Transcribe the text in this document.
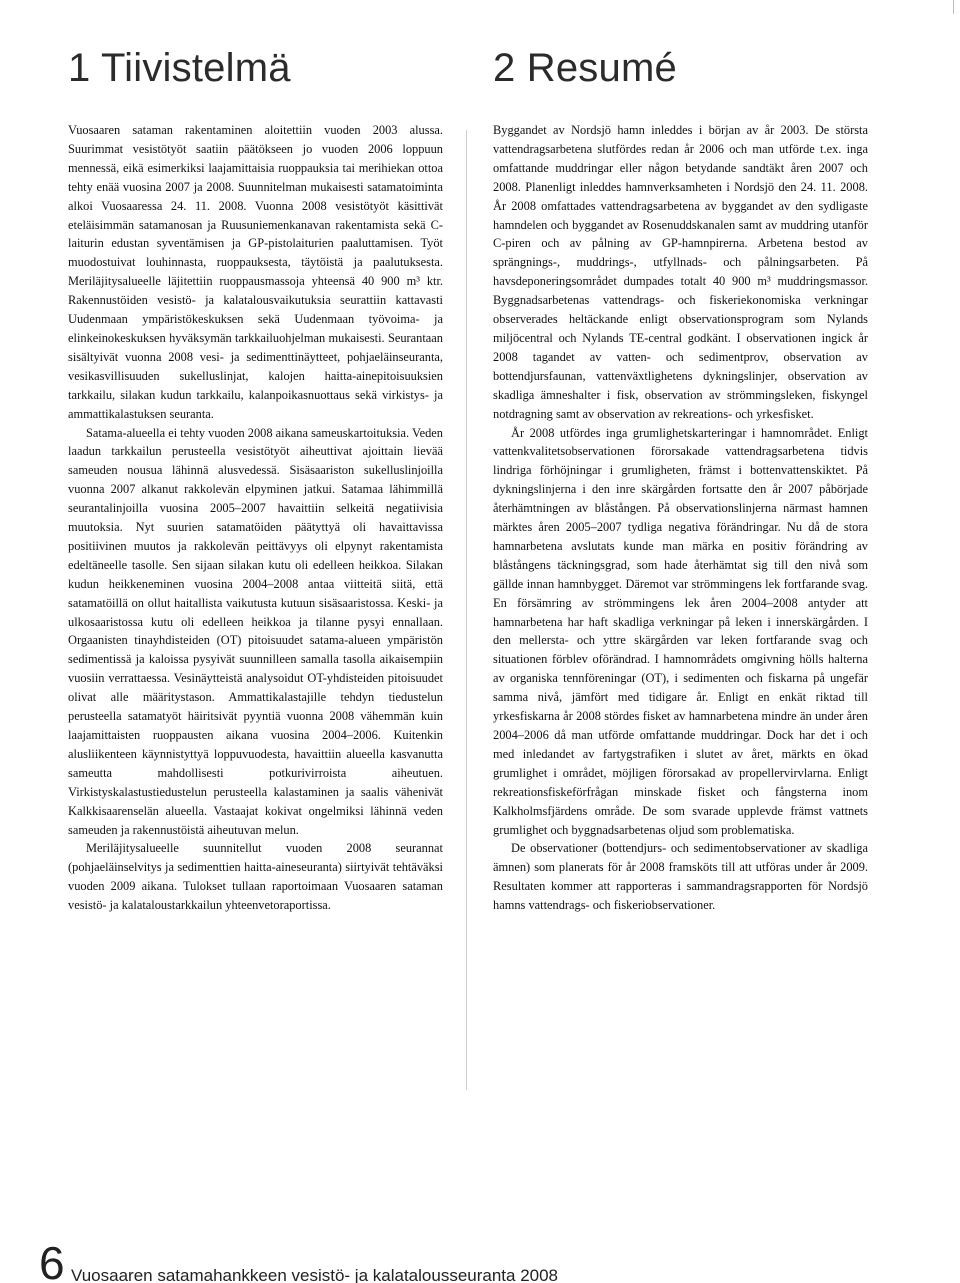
1 Tiivistelmä	2 Resumé

Vuosaaren sataman rakentaminen aloitettiin vuoden 2003 alussa. Suurimmat vesistötyöt saatiin päätökseen jo vuoden 2006 loppuun mennessä, eikä esimerkiksi laajamittaisia ruoppauksia tai merihiekan ottoa tehty enää vuosina 2007 ja 2008. Suunnitelman mukaisesti satamatoiminta alkoi Vuosaaressa 24. 11. 2008. Vuonna 2008 vesistötyöt käsittivät eteläisimmän satamanosan ja Ruusuniemenkanavan rakentamista sekä C-laiturin edustan syventämisen ja GP-pistolaiturien paaluttamisen. Työt muodostuivat louhinnasta, ruoppauksesta, täytöistä ja paalutuksesta. Meriläjitysalueelle läjitettiin ruoppausmassoja yhteensä 40 900 m³ ktr. Rakennustöiden vesistö- ja kalatalousvaikutuksia seurattiin kattavasti Uudenmaan ympäristökeskuksen sekä Uudenmaan työvoima- ja elinkeinokeskuksen hyväksymän tarkkailuohjelman mukaisesti. Seurantaan sisältyivät vuonna 2008 vesi- ja sedimenttinäytteet, pohjaeläinseuranta, vesikasvillisuuden sukelluslinjat, kalojen haitta-ainepitoisuuksien tarkkailu, silakan kudun tarkkailu, kalanpoikasnuottaus sekä virkistys- ja ammattikalastuksen seuranta.

Satama-alueella ei tehty vuoden 2008 aikana sameuskartoituksia. Veden laadun tarkkailun perusteella vesistötyöt aiheuttivat ajoittain lievää sameuden nousua lähinnä alusvedessä. Sisäsaariston sukelluslinjoilla vuonna 2007 alkanut rakkolevän elpyminen jatkui. Satamaa lähimmillä seurantalinjoilla vuosina 2005–2007 havaittiin selkeitä negatiivisia muutoksia. Nyt suurien satamatöiden päätyttyä oli havaittavissa positiivinen muutos ja rakkolevän peittävyys oli elpynyt rakentamista edeltäneelle tasolle. Sen sijaan silakan kutu oli edelleen heikkoa. Silakan kudun heikkeneminen vuosina 2004–2008 antaa viitteitä siitä, että satamatöillä on ollut haitallista vaikutusta kutuun sisäsaaristossa. Keski- ja ulkosaaristossa kutu oli edelleen heikkoa ja tilanne pysyi ennallaan. Orgaanisten tinayhdisteiden (OT) pitoisuudet satama-alueen ympäristön sedimentissä ja kaloissa pysyivät suunnilleen samalla tasolla aikaisempiin vuosiin verrattaessa. Vesinäytteistä analysoidut OT-yhdisteiden pitoisuudet olivat alle määritystason. Ammattikalastajille tehdyn tiedustelun perusteella satamatyöt häiritsivät pyyntiä vuonna 2008 vähemmän kuin laajamittaisten ruoppausten aikana vuosina 2004–2006. Kuitenkin alusliikenteen käynnistyttyä loppuvuodesta, havaittiin alueella kasvanutta sameutta mahdollisesti potkurivirroista aiheutuen. Virkistyskalastustiedustelun perusteella kalastaminen ja saalis vähenivät Kalkkisaarenselän alueella. Vastaajat kokivat ongelmiksi lähinnä veden sameuden ja rakennustöistä aiheutuvan melun.

Meriläjitysalueelle suunnitellut vuoden 2008 seurannat (pohjaeläinselvitys ja sedimenttien haitta-aineseuranta) siirtyivät tehtäväksi vuoden 2009 aikana. Tulokset tullaan raportoimaan Vuosaaren sataman vesistö- ja kalataloustarkkailun yhteenvetoraportissa.

Byggandet av Nordsjö hamn inleddes i början av år 2003. De största vattendragsarbetena slutfördes redan år 2006 och man utförde t.ex. inga omfattande muddringar eller någon betydande sandtäkt åren 2007 och 2008. Planenligt inleddes hamnverksamheten i Nordsjö den 24. 11. 2008. År 2008 omfattades vattendragsarbetena av byggandet av den sydligaste hamndelen och byggandet av Rosenuddskanalen samt av muddring utanför C-piren och av pålning av GP-hamnpirerna. Arbetena bestod av sprängnings-, muddrings-, utfyllnads- och pålningsarbeten. På havsdeponeringsområdet dumpades totalt 40 900 m³ muddringsmassor. Byggnadsarbetenas vattendrags- och fiskeriekonomiska verkningar observerades heltäckande enligt observationsprogram som Nylands miljöcentral och Nylands TE-central godkänt. I observationen ingick år 2008 tagandet av vatten- och sedimentprov, observation av bottendjursfaunan, vattenväxtlighetens dykningslinjer, observation av skadliga ämneshalter i fisk, observation av strömmingsleken, fiskyngel notdragning samt av observation av rekreations- och yrkesfisket.

År 2008 utfördes inga grumlighetskarteringar i hamnområdet. Enligt vattenkvalitetsobservationen förorsakade vattendragsarbetena tidvis lindriga förhöjningar i grumligheten, främst i bottenvattenskiktet. På dykningslinjerna i den inre skärgården fortsatte den år 2007 påbörjade återhämtningen av blåstången. På observationslinjerna närmast hamnen märktes åren 2005–2007 tydliga negativa förändringar. Nu då de stora hamnarbetena avslutats kunde man märka en positiv förändring av blåstångens täckningsgrad, som hade återhämtat sig till den nivå som gällde innan hamnbygget. Däremot var strömmingens lek fortfarande svag. En försämring av strömmingens lek åren 2004–2008 antyder att hamnarbetena har haft skadliga verkningar på leken i innerskärgården. I den mellersta- och yttre skärgården var leken fortfarande svag och situationen förblev oförändrad. I hamnområdets omgivning hölls halterna av organiska tennföreningar (OT), i sedimenten och fiskarna på ungefär samma nivå, jämfört med tidigare år. Enligt en enkät riktad till yrkesfiskarna år 2008 stördes fisket av hamnarbetena mindre än under åren 2004–2006 då man utförde omfattande muddringar. Dock har det i och med inledandet av fartygstrafiken i slutet av året, märkts en ökad grumlighet i området, möjligen förorsakad av propellervirvlarna. Enligt rekreationsfiskeförfrågan minskade fisket och fångsterna inom Kalkholmsfjärdens område. De som svarade upplevde främst vattnets grumlighet och byggnadsarbetenas oljud som problematiska.

De observationer (bottendjurs- och sedimentobservationer av skadliga ämnen) som planerats för år 2008 framsköts till att utföras under år 2009. Resultaten kommer att rapporteras i sammandragsrapporten för Nordsjö hamns vattendrags- och fiskeriobservationer.

6 Vuosaaren satamahankkeen vesistö- ja kalatalousseuranta 2008
